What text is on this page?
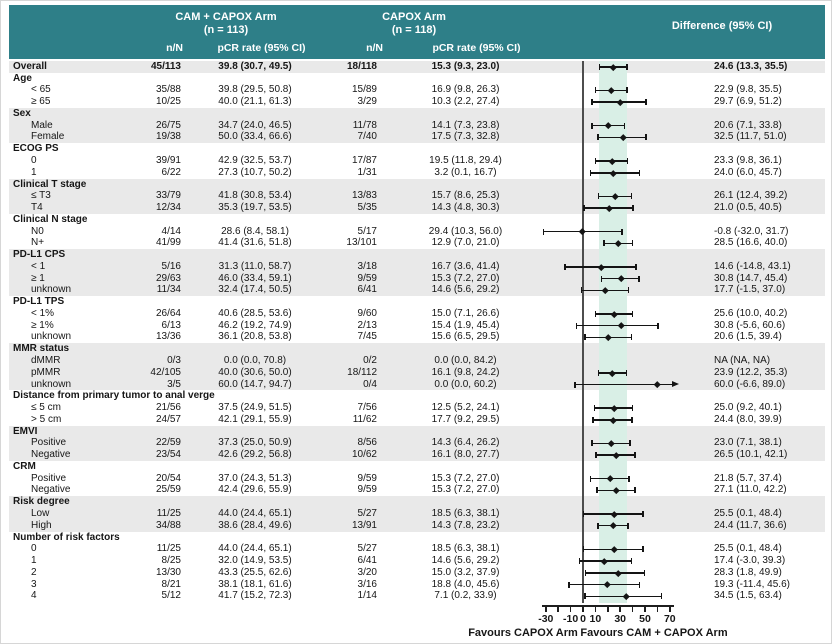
CAM + CAPOX Arm
(n = 113)
CAPOX Arm
(n = 118)	Difference (95% CI)
n/N	pCR rate (95% CI)	n/N	pCR rate (95% CI)
Overall	45/113	39.8 (30.7, 49.5)	18/118	15.3 (9.3, 23.0)	24.6 (13.3, 35.5)
Age
< 65	35/88	39.8 (29.5, 50.8)	15/89	16.9 (9.8, 26.3)	22.9 (9.8, 35.5)
≥ 65	10/25	40.0 (21.1, 61.3)	3/29	10.3 (2.2, 27.4)	29.7 (6.9, 51.2)
Sex
Male	26/75	34.7 (24.0, 46.5)	11/78	14.1 (7.3, 23.8)	20.6 (7.1, 33.8)
Female	19/38	50.0 (33.4, 66.6)	7/40	17.5 (7.3, 32.8)	32.5 (11.7, 51.0)
ECOG PS
0	39/91	42.9 (32.5, 53.7)	17/87	19.5 (11.8, 29.4)	23.3 (9.8, 36.1)
1	6/22	27.3 (10.7, 50.2)	1/31	3.2 (0.1, 16.7)	24.0 (6.0, 45.7)
Clinical T stage
≤ T3	33/79	41.8 (30.8, 53.4)	13/83	15.7 (8.6, 25.3)	26.1 (12.4, 39.2)
T4	12/34	35.3 (19.7, 53.5)	5/35	14.3 (4.8, 30.3)	21.0 (0.5, 40.5)
Clinical N stage
N0	4/14	28.6 (8.4, 58.1)	5/17	29.4 (10.3, 56.0)	-0.8 (-32.0, 31.7)
N+	41/99	41.4 (31.6, 51.8)	13/101	12.9 (7.0, 21.0)	28.5 (16.6, 40.0)
PD-L1 CPS
< 1	5/16	31.3 (11.0, 58.7)	3/18	16.7 (3.6, 41.4)	14.6 (-14.8, 43.1)
≥ 1	29/63	46.0 (33.4, 59.1)	9/59	15.3 (7.2, 27.0)	30.8 (14.7, 45.4)
unknown	11/34	32.4 (17.4, 50.5)	6/41	14.6 (5.6, 29.2)	17.7 (-1.5, 37.0)
PD-L1 TPS
< 1%	26/64	40.6 (28.5, 53.6)	9/60	15.0 (7.1, 26.6)	25.6 (10.0, 40.2)
≥ 1%	6/13	46.2 (19.2, 74.9)	2/13	15.4 (1.9, 45.4)	30.8 (-5.6, 60.6)
unknown	13/36	36.1 (20.8, 53.8)	7/45	15.6 (6.5, 29.5)	20.6 (1.5, 39.4)
MMR status
dMMR	0/3	0.0 (0.0, 70.8)	0/2	0.0 (0.0, 84.2)	NA (NA, NA)
pMMR	42/105	40.0 (30.6, 50.0)	18/112	16.1 (9.8, 24.2)	23.9 (12.2, 35.3)
unknown	3/5	60.0 (14.7, 94.7)	0/4	0.0 (0.0, 60.2)	60.0 (-6.6, 89.0)
Distance from primary tumor to anal verge
≤ 5 cm	21/56	37.5 (24.9, 51.5)	7/56	12.5 (5.2, 24.1)	25.0 (9.2, 40.1)
> 5 cm	24/57	42.1 (29.1, 55.9)	11/62	17.7 (9.2, 29.5)	24.4 (8.0, 39.9)
EMVI
Positive	22/59	37.3 (25.0, 50.9)	8/56	14.3 (6.4, 26.2)	23.0 (7.1, 38.1)
Negative	23/54	42.6 (29.2, 56.8)	10/62	16.1 (8.0, 27.7)	26.5 (10.1, 42.1)
CRM
Positive	20/54	37.0 (24.3, 51.3)	9/59	15.3 (7.2, 27.0)	21.8 (5.7, 37.4)
Negative	25/59	42.4 (29.6, 55.9)	9/59	15.3 (7.2, 27.0)	27.1 (11.0, 42.2)
Risk degree
Low	11/25	44.0 (24.4, 65.1)	5/27	18.5 (6.3, 38.1)	25.5 (0.1, 48.4)
High	34/88	38.6 (28.4, 49.6)	13/91	14.3 (7.8, 23.2)	24.4 (11.7, 36.6)
Number of risk factors
0	11/25	44.0 (24.4, 65.1)	5/27	18.5 (6.3, 38.1)	25.5 (0.1, 48.4)
1	8/25	32.0 (14.9, 53.5)	6/41	14.6 (5.6, 29.2)	17.4 (-3.0, 39.3)
2	13/30	43.3 (25.5, 62.6)	3/20	15.0 (3.2, 37.9)	28.3 (1.8, 49.9)
3	8/21	38.1 (18.1, 61.6)	3/16	18.8 (4.0, 45.6)	19.3 (-11.4, 45.6)
4	5/12	41.7 (15.2, 72.3)	1/14	7.1 (0.2, 33.9)	34.5 (1.5, 63.4)
-30 -10 0 10 30 50 70
Favours CAPOX Arm Favours CAM + CAPOX Arm
